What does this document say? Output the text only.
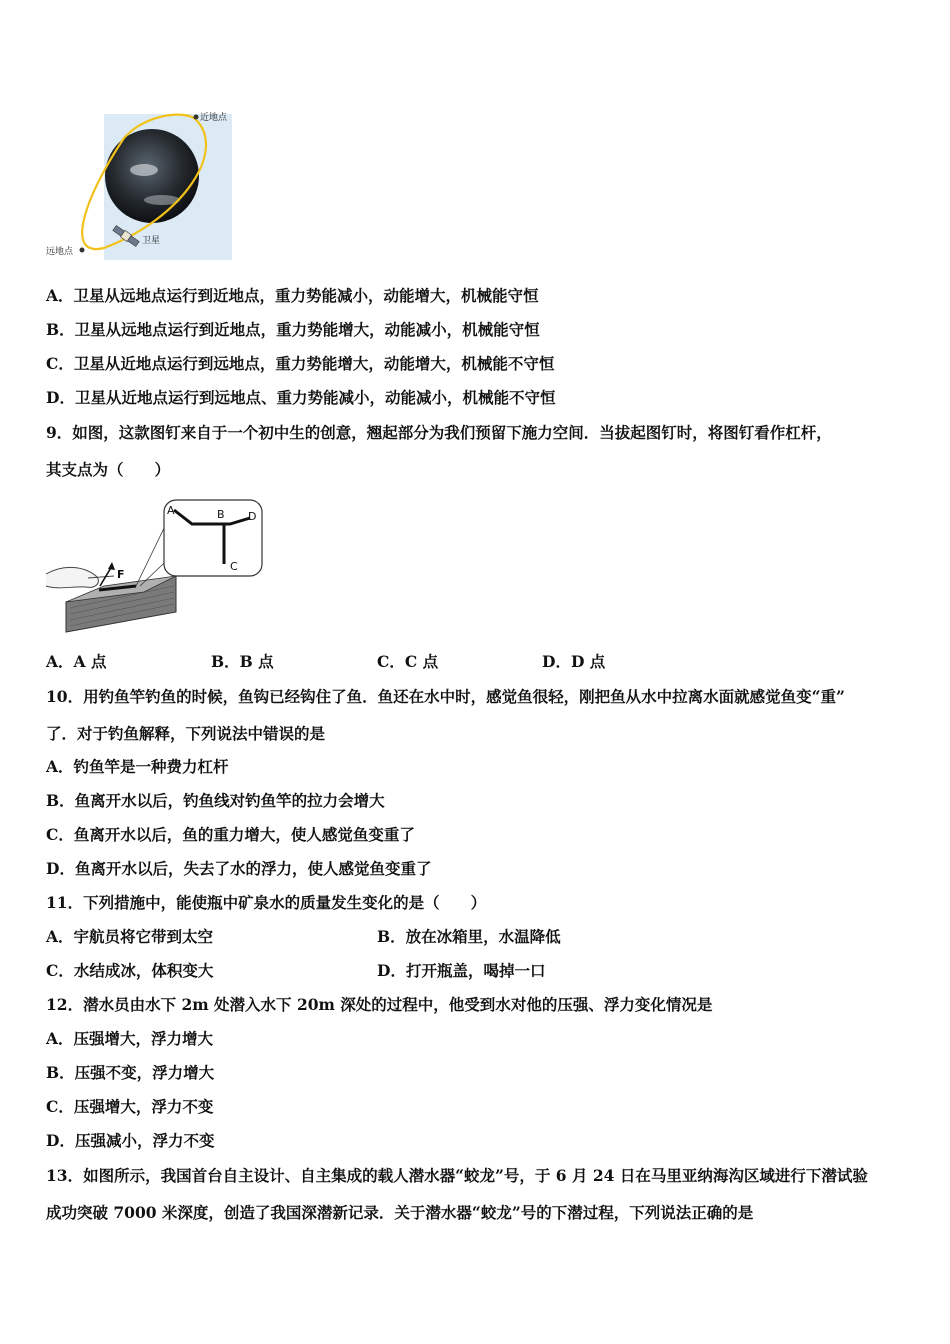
近地点
远地点
卫星
A．卫星从远地点运行到近地点，重力势能减小，动能增大，机械能守恒
B．卫星从远地点运行到近地点，重力势能增大，动能减小，机械能守恒
C．卫星从近地点运行到远地点，重力势能增大，动能增大，机械能不守恒
D．卫星从近地点运行到远地点、重力势能减小，动能减小，机械能不守恒
9．如图，这款图钉来自于一个初中生的创意，翘起部分为我们预留下施力空间．当拔起图钉时，将图钉看作杠杆，
其支点为（　　）
F
A	B D
C
A．A 点	B．B 点	C．C 点	D．D 点
10．用钓鱼竿钓鱼的时候，鱼钩已经钩住了鱼．鱼还在水中时，感觉鱼很轻，刚把鱼从水中拉离水面就感觉鱼变“重”
了．对于钓鱼解释，下列说法中错误的是
A．钓鱼竿是一种费力杠杆
B．鱼离开水以后，钓鱼线对钓鱼竿的拉力会增大
C．鱼离开水以后，鱼的重力增大，使人感觉鱼变重了
D．鱼离开水以后，失去了水的浮力，使人感觉鱼变重了
11．下列措施中，能使瓶中矿泉水的质量发生变化的是（　　）
A．宇航员将它带到太空	B．放在冰箱里，水温降低
C．水结成冰，体积变大	D．打开瓶盖，喝掉一口
12．潜水员由水下 2m 处潜入水下 20m 深处的过程中，他受到水对他的压强、浮力变化情况是
A．压强增大，浮力增大
B．压强不变，浮力增大
C．压强增大，浮力不变
D．压强减小，浮力不变
13．如图所示，我国首台自主设计、自主集成的载人潜水器“蛟龙”号，于 6 月 24 日在马里亚纳海沟区域进行下潜试验
成功突破 7000 米深度，创造了我国深潜新记录．关于潜水器“蛟龙”号的下潜过程，下列说法正确的是
